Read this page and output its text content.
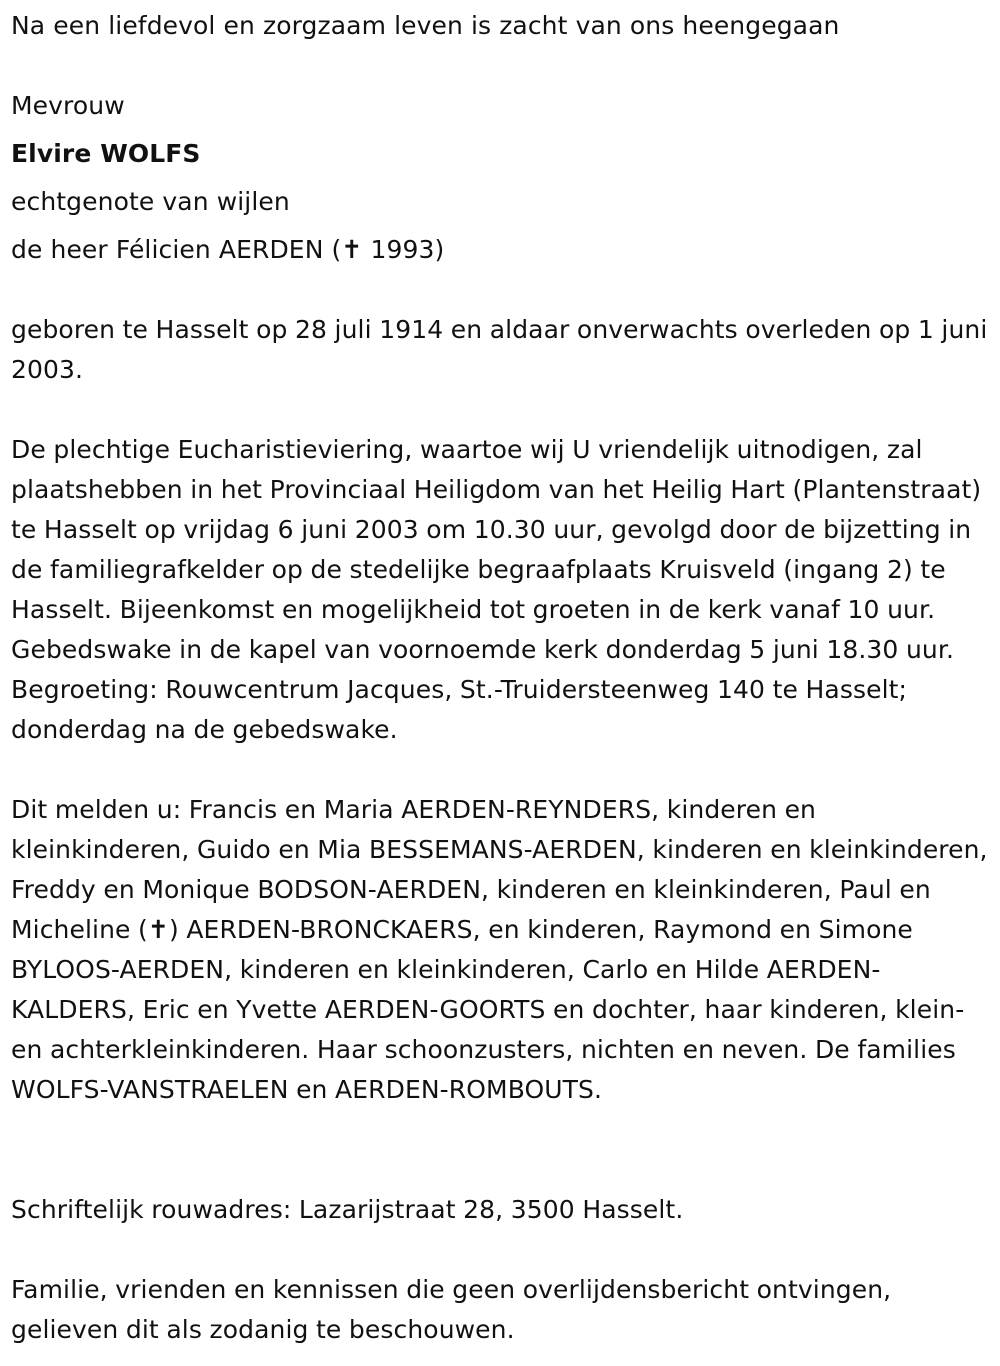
Na een liefdevol en zorgzaam leven is zacht van ons heengegaan
Mevrouw
Elvire WOLFS
echtgenote van wijlen
de heer Félicien AERDEN (✝ 1993)
geboren te Hasselt op 28 juli 1914 en aldaar onverwachts overleden op 1 juni 2003.
De plechtige Eucharistieviering, waartoe wij U vriendelijk uitnodigen, zal plaatshebben in het Provinciaal Heiligdom van het Heilig Hart (Plantenstraat) te Hasselt op vrijdag 6 juni 2003 om 10.30 uur, gevolgd door de bijzetting in de familiegrafkelder op de stedelijke begraafplaats Kruisveld (ingang 2) te Hasselt. Bijeenkomst en mogelijkheid tot groeten in de kerk vanaf 10 uur. Gebedswake in de kapel van voornoemde kerk donderdag 5 juni 18.30 uur. Begroeting: Rouwcentrum Jacques, St.-Truidersteenweg 140 te Hasselt; donderdag na de gebedswake.
Dit melden u: Francis en Maria AERDEN-REYNDERS, kinderen en kleinkinderen, Guido en Mia BESSEMANS-AERDEN, kinderen en kleinkinderen, Freddy en Monique BODSON-AERDEN, kinderen en kleinkinderen, Paul en Micheline (✝) AERDEN-BRONCKAERS, en kinderen, Raymond en Simone BYLOOS-AERDEN, kinderen en kleinkinderen, Carlo en Hilde AERDEN-KALDERS, Eric en Yvette AERDEN-GOORTS en dochter, haar kinderen, klein- en achterkleinkinderen. Haar schoonzusters, nichten en neven. De families WOLFS-VANSTRAELEN en AERDEN-ROMBOUTS.
Schriftelijk rouwadres: Lazarijstraat 28, 3500 Hasselt.
Familie, vrienden en kennissen die geen overlijdensbericht ontvingen, gelieven dit als zodanig te beschouwen.
